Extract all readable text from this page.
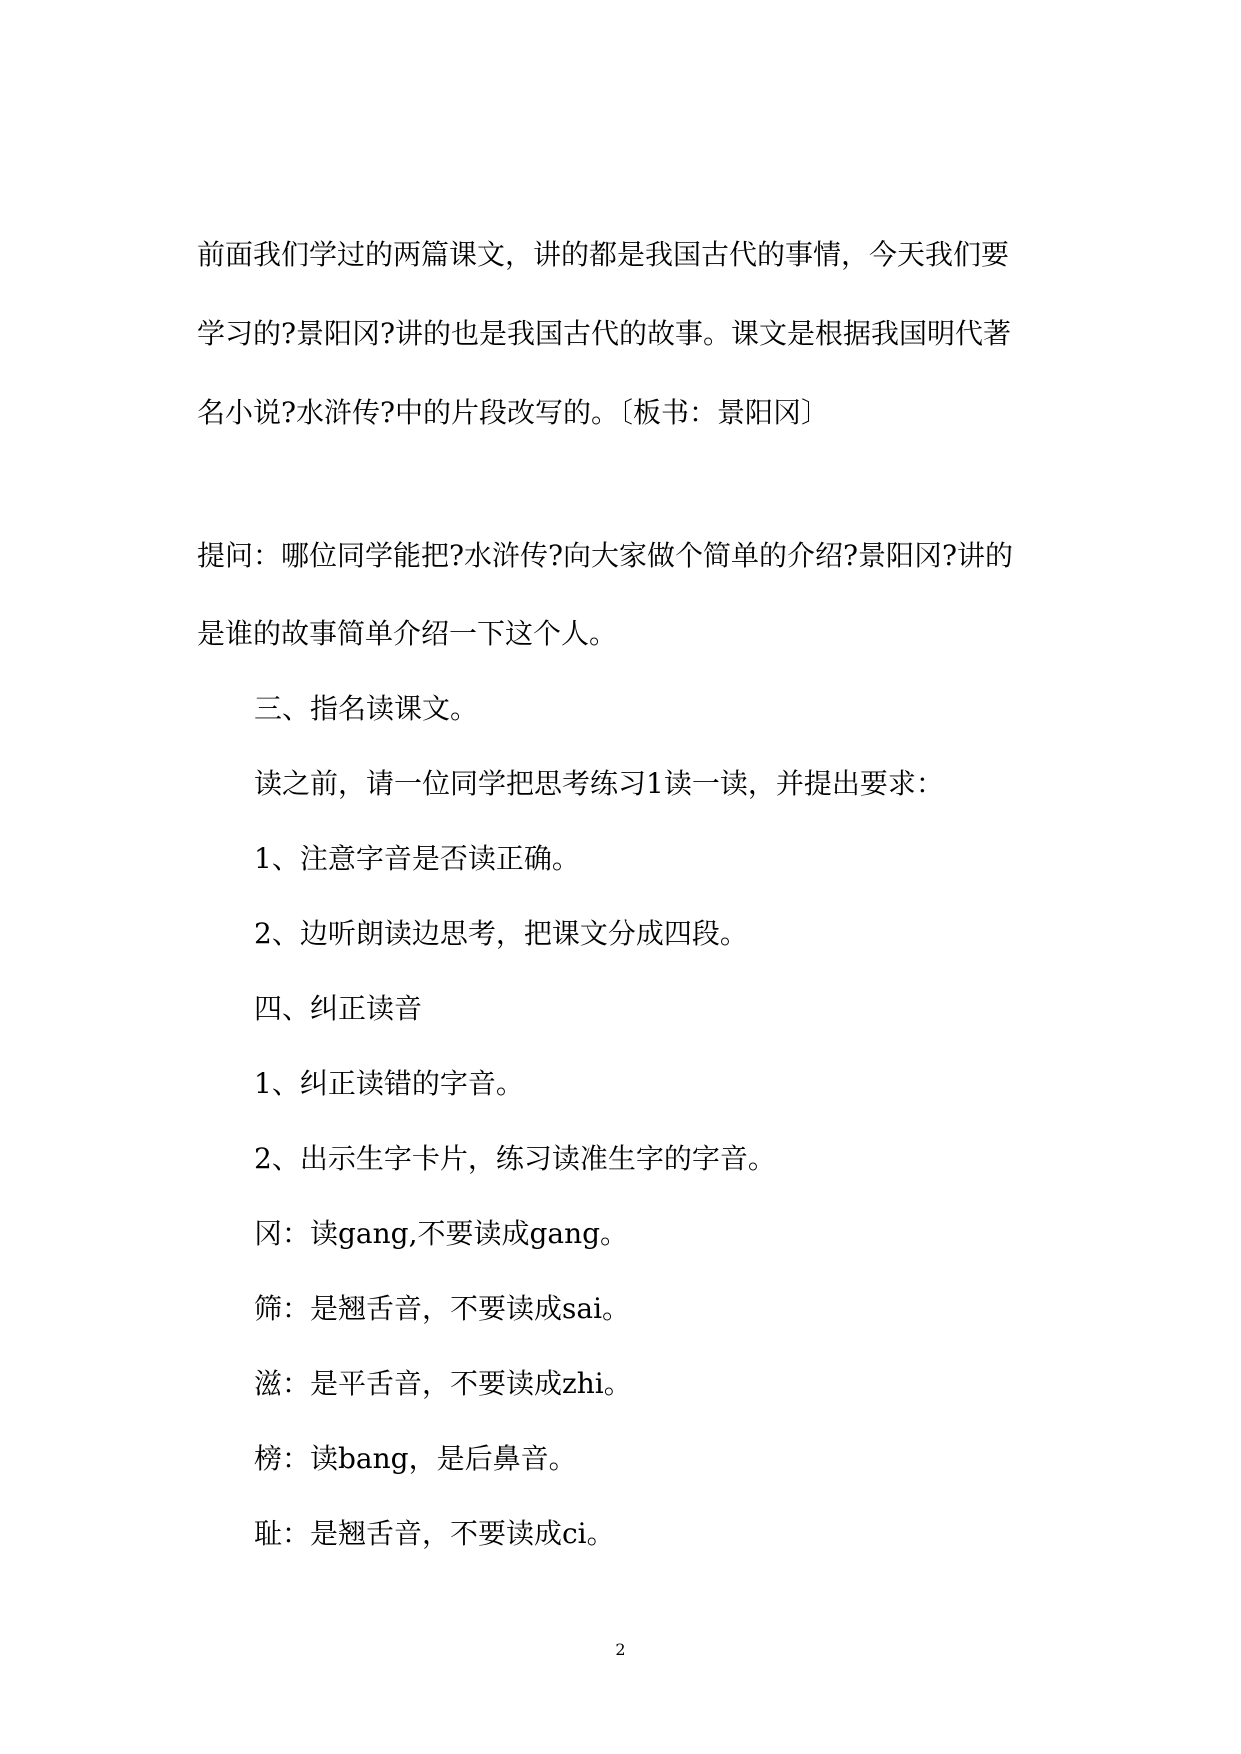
前面我们学过的两篇课文，讲的都是我国古代的事情，今天我们要
学习的?景阳冈?讲的也是我国古代的故事。课文是根据我国明代著
名小说?水浒传?中的片段改写的。〔板书：景阳冈〕
提问：哪位同学能把?水浒传?向大家做个简单的介绍?景阳冈?讲的
是谁的故事简单介绍一下这个人。
三、指名读课文。
读之前，请一位同学把思考练习1读一读，并提出要求：
1、注意字音是否读正确。
2、边听朗读边思考，把课文分成四段。
四、纠正读音
1、纠正读错的字音。
2、出示生字卡片，练习读准生字的字音。
冈：读gang,不要读成gang。
筛：是翘舌音，不要读成sai。
滋：是平舌音，不要读成zhi。
榜：读bang，是后鼻音。
耻：是翘舌音，不要读成ci。
2
